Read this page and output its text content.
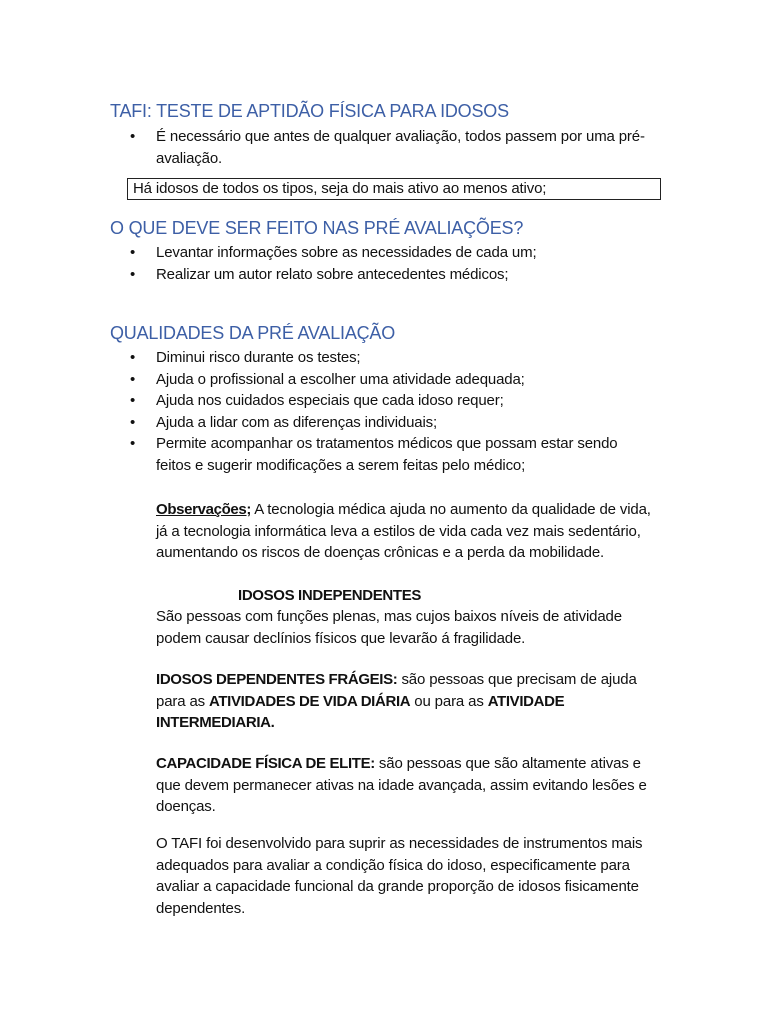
TAFI: TESTE DE APTIDÃO FÍSICA PARA IDOSOS
• É necessário que antes de qualquer avaliação, todos passem por uma pré-
avaliação.
Há idosos de todos os tipos, seja do mais ativo ao menos ativo;
O QUE DEVE SER FEITO NAS PRÉ AVALIAÇÕES?
• Levantar informações sobre as necessidades de cada um;
• Realizar um autor relato sobre antecedentes médicos;
QUALIDADES DA PRÉ AVALIAÇÃO
• Diminui risco durante os testes;
• Ajuda o profissional a escolher uma atividade adequada;
• Ajuda nos cuidados especiais que cada idoso requer;
• Ajuda a lidar com as diferenças individuais;
• Permite acompanhar os tratamentos médicos que possam estar sendo
feitos e sugerir modificações a serem feitas pelo médico;

Observações; A tecnologia médica ajuda no aumento da qualidade de vida,
já a tecnologia informática leva a estilos de vida cada vez mais sedentário,
aumentando os riscos de doenças crônicas e a perda da mobilidade.

IDOSOS INDEPENDENTES

São pessoas com funções plenas, mas cujos baixos níveis de atividade
podem causar declínios físicos que levarão á fragilidade.

IDOSOS DEPENDENTES FRÁGEIS: são pessoas que precisam de ajuda
para as ATIVIDADES DE VIDA DIÁRIA ou para as ATIVIDADE
INTERMEDIARIA.

CAPACIDADE FÍSICA DE ELITE: são pessoas que são altamente ativas e
que devem permanecer ativas na idade avançada, assim evitando lesões e
doenças.

O TAFI foi desenvolvido para suprir as necessidades de instrumentos mais
adequados para avaliar a condição física do idoso, especificamente para
avaliar a capacidade funcional da grande proporção de idosos fisicamente
dependentes.
